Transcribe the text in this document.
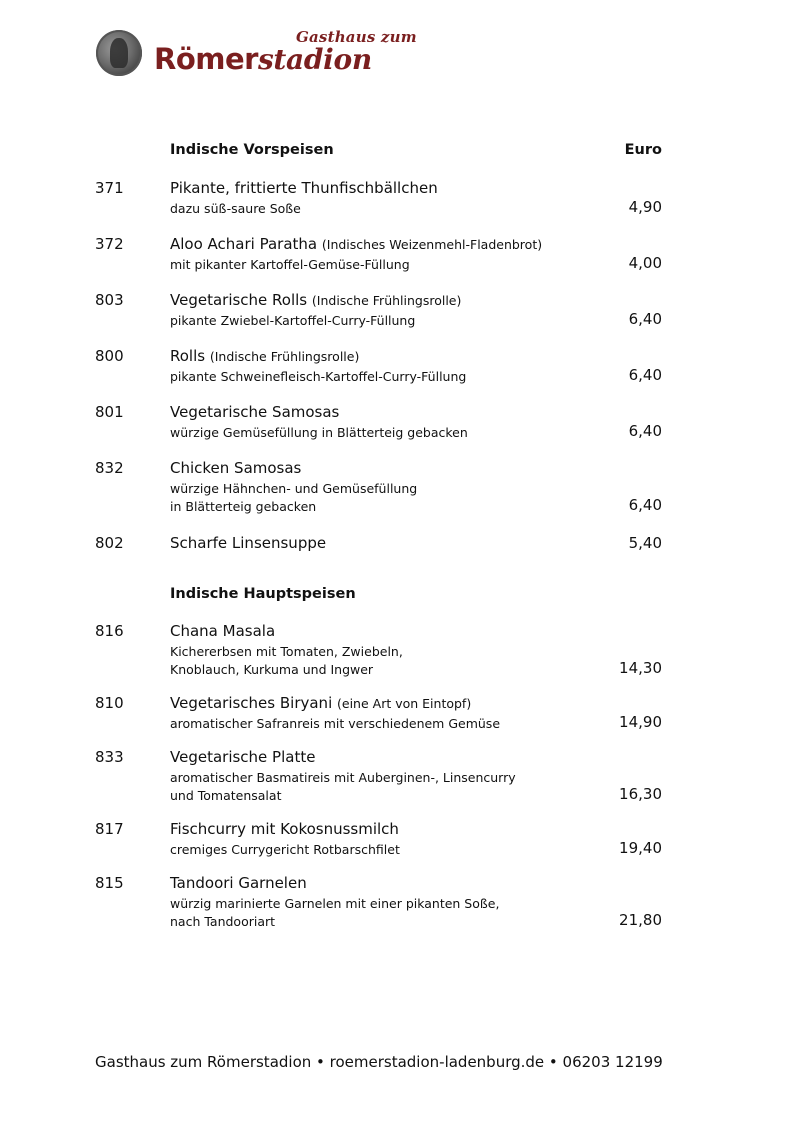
Gasthaus zum
Römerstadion
Indische Vorspeisen	Euro
371	Pikante, frittierte Thunfischbällchen
dazu süß-saure Soße	4,90
372	Aloo Achari Paratha (Indisches Weizenmehl-Fladenbrot)
mit pikanter Kartoffel-Gemüse-Füllung	4,00
803	Vegetarische Rolls (Indische Frühlingsrolle)
pikante Zwiebel-Kartoffel-Curry-Füllung	6,40
800	Rolls (Indische Frühlingsrolle)
pikante Schweinefleisch-Kartoffel-Curry-Füllung	6,40
801	Vegetarische Samosas
würzige Gemüsefüllung in Blätterteig gebacken	6,40
832	Chicken Samosas
würzige Hähnchen- und Gemüsefüllung
in Blätterteig gebacken	6,40
802	Scharfe Linsensuppe	5,40
Indische Hauptspeisen
816	Chana Masala
Kichererbsen mit Tomaten, Zwiebeln,
Knoblauch, Kurkuma und Ingwer	14,30
810	Vegetarisches Biryani (eine Art von Eintopf)
aromatischer Safranreis mit verschiedenem Gemüse	14,90
833	Vegetarische Platte
aromatischer Basmatireis mit Auberginen-, Linsencurry
und Tomatensalat	16,30
817	Fischcurry mit Kokosnussmilch
cremiges Currygericht Rotbarschfilet	19,40
815	Tandoori Garnelen
würzig marinierte Garnelen mit einer pikanten Soße,
nach Tandooriart	21,80
Gasthaus zum Römerstadion • roemerstadion-ladenburg.de • 06203 12199
